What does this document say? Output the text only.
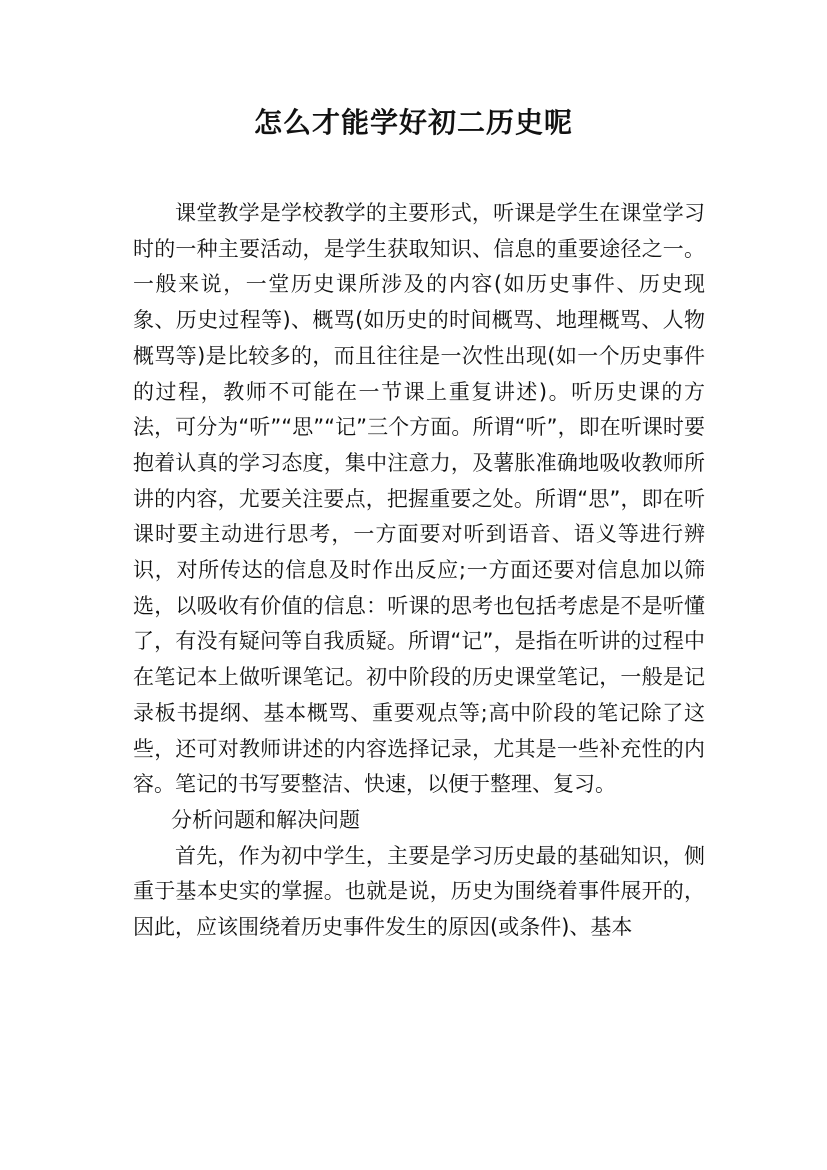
怎么才能学好初二历史呢

课堂教学是学校教学的主要形式，听课是学生在课堂学习时的一种主要活动，是学生获取知识、信息的重要途径之一。一般来说，一堂历史课所涉及的内容(如历史事件、历史现象、历史过程等)、概骂(如历史的时间概骂、地理概骂、人物概骂等)是比较多的，而且往往是一次性出现(如一个历史事件的过程，教师不可能在一节课上重复讲述)。听历史课的方法，可分为“听”“思”“记”三个方面。所谓“听”，即在听课时要抱着认真的学习态度，集中注意力，及薯胀准确地吸收教师所讲的内容，尤要关注要点，把握重要之处。所谓“思”，即在听课时要主动进行思考，一方面要对听到语音、语义等进行辨识，对所传达的信息及时作出反应;一方面还要对信息加以筛选，以吸收有价值的信息：听课的思考也包括考虑是不是听懂了，有没有疑问等自我质疑。所谓“记”，是指在听讲的过程中在笔记本上做听课笔记。初中阶段的历史课堂笔记，一般是记录板书提纲、基本概骂、重要观点等;高中阶段的笔记除了这些，还可对教师讲述的内容选择记录，尤其是一些补充性的内容。笔记的书写要整洁、快速，以便于整理、复习。

分析问题和解决问题

首先，作为初中学生，主要是学习历史最的基础知识，侧重于基本史实的掌握。也就是说，历史为围绕着事件展开的，因此，应该围绕着历史事件发生的原因(或条件)、基本
